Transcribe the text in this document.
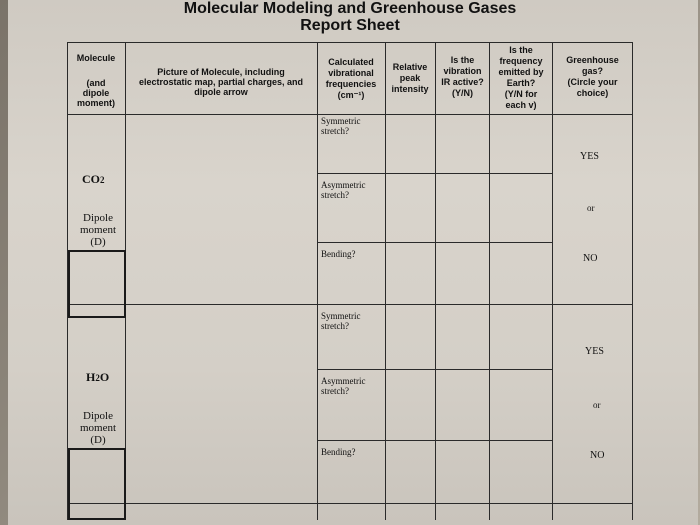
Molecular Modeling and Greenhouse Gases
Report Sheet
Molecule
(and
dipole
moment)
Picture of Molecule, including
electrostatic map, partial charges, and
dipole arrow
Calculated
vibrational
frequencies
(cm⁻¹)
Relative
peak
intensity
Is the
vibration
IR active?
(Y/N)
Is the
frequency
emitted by
Earth?
(Y/N for
each v)
Greenhouse
gas?
(Circle your
choice)
CO2
Dipole
moment
(D)
Symmetric
stretch?
Asymmetric
stretch?
Bending?
YES
or
NO
H2O
Dipole
moment
(D)
Symmetric
stretch?
Asymmetric
stretch?
Bending?
YES
or
NO
